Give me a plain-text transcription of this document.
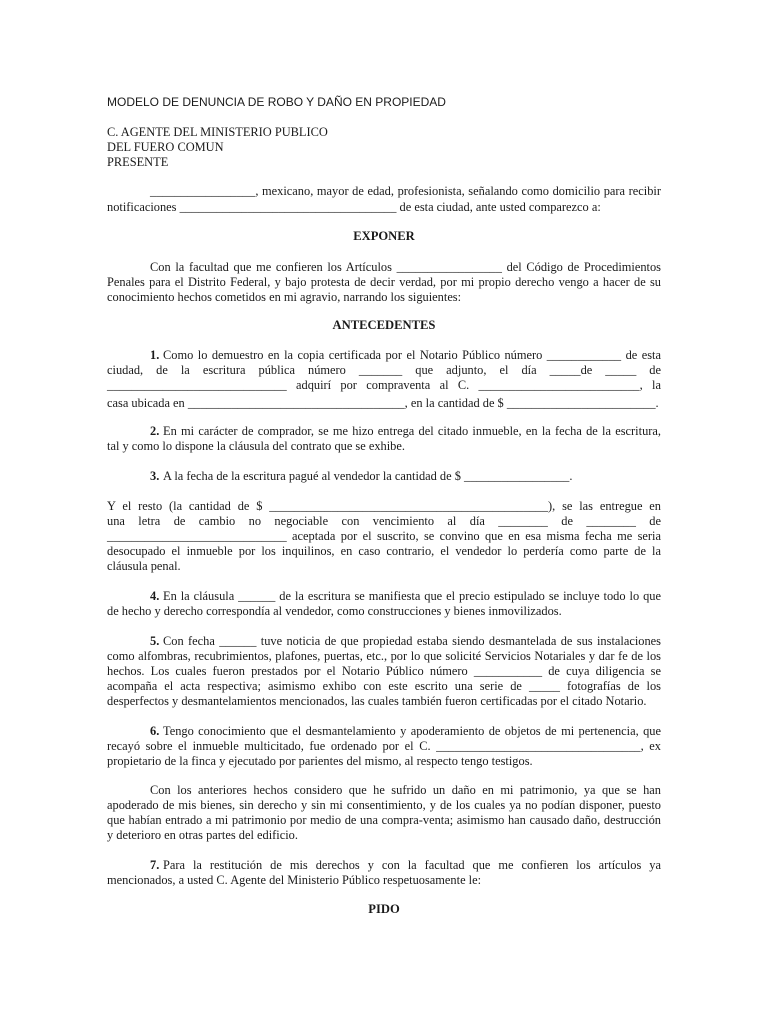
MODELO DE DENUNCIA DE ROBO Y DAÑO EN PROPIEDAD
C. AGENTE DEL MINISTERIO PUBLICO
DEL FUERO COMUN
PRESENTE
_________________, mexicano, mayor de edad, profesionista, señalando como domicilio para recibir
notificaciones ___________________________________ de esta ciudad, ante usted comparezco a:
EXPONER
Con la facultad que me confieren los Artículos _________________ del Código de Procedimientos
Penales para el Distrito Federal, y bajo protesta de decir verdad, por mi propio derecho vengo a hacer de su
conocimiento hechos cometidos en mi agravio, narrando los siguientes:
ANTECEDENTES
1. Como lo demuestro en la copia certificada por el Notario Público número ____________ de esta
ciudad, de la escritura pública número _______ que adjunto, el día _____de _____ de
_____________________________ adquirí por compraventa al C. __________________________, la
casa ubicada en ___________________________________, en la cantidad de $ ________________________.
2. En mi carácter de comprador, se me hizo entrega del citado inmueble, en la fecha de la escritura,
tal y como lo dispone la cláusula del contrato que se exhibe.
3. A la fecha de la escritura pagué al vendedor la cantidad de $ _________________.
Y el resto (la cantidad de $ _____________________________________________), se las entregue en
una letra de cambio no negociable con vencimiento al día ________ de ________ de
_____________________________ aceptada por el suscrito, se convino que en esa misma fecha me seria
desocupado el inmueble por los inquilinos, en caso contrario, el vendedor lo perdería como parte de la
cláusula penal.
4. En la cláusula ______ de la escritura se manifiesta que el precio estipulado se incluye todo lo que
de hecho y derecho correspondía al vendedor, como construcciones y bienes inmovilizados.
5. Con fecha ______ tuve noticia de que propiedad estaba siendo desmantelada de sus instalaciones
como alfombras, recubrimientos, plafones, puertas, etc., por lo que solicité Servicios Notariales y dar fe de los
hechos. Los cuales fueron prestados por el Notario Público número ___________ de cuya diligencia se
acompaña el acta respectiva; asimismo exhibo con este escrito una serie de _____ fotografías de los
desperfectos y desmantelamientos mencionados, las cuales también fueron certificadas por el citado Notario.
6. Tengo conocimiento que el desmantelamiento y apoderamiento de objetos de mi pertenencia, que
recayó sobre el inmueble multicitado, fue ordenado por el C. _________________________________, ex
propietario de la finca y ejecutado por parientes del mismo, al respecto tengo testigos.
Con los anteriores hechos considero que he sufrido un daño en mi patrimonio, ya que se han
apoderado de mis bienes, sin derecho y sin mi consentimiento, y de los cuales ya no podían disponer, puesto
que habían entrado a mi patrimonio por medio de una compra-venta; asimismo han causado daño, destrucción
y deterioro en otras partes del edificio.
7. Para la restitución de mis derechos y con la facultad que me confieren los artículos ya
mencionados, a usted C. Agente del Ministerio Público respetuosamente le:
PIDO
